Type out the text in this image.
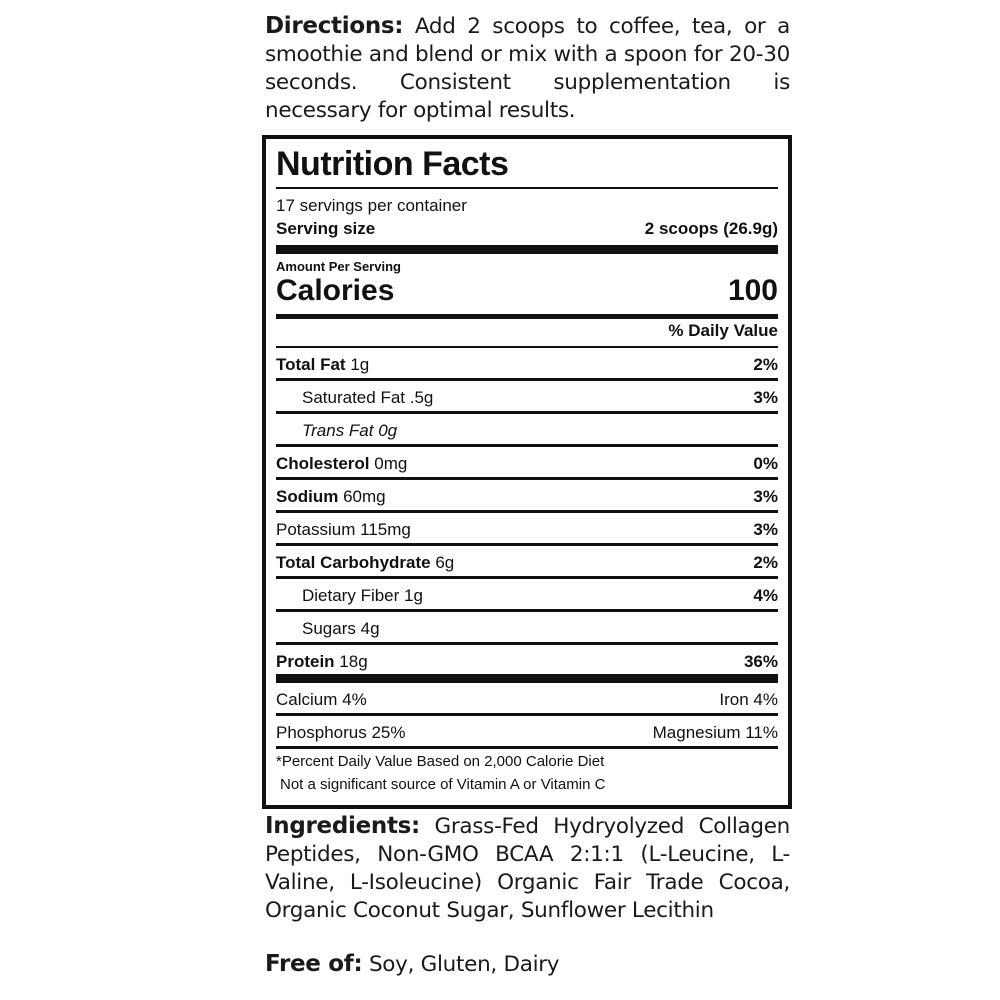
Directions: Add 2 scoops to coffee, tea, or a smoothie and blend or mix with a spoon for 20-30 seconds. Consistent supplementation is necessary for optimal results.
Nutrition Facts
17 servings per container
Serving size	2 scoops (26.9g)
Amount Per Serving
Calories	100
% Daily Value
Total Fat 1g	2%
Saturated Fat .5g	3%
Trans Fat 0g
Cholesterol 0mg	0%
Sodium 60mg	3%
Potassium 115mg	3%
Total Carbohydrate 6g	2%
Dietary Fiber 1g	4%
Sugars 4g
Protein 18g	36%
Calcium 4%	Iron 4%
Phosphorus 25%	Magnesium 11%
*Percent Daily Value Based on 2,000 Calorie Diet
Not a significant source of Vitamin A or Vitamin C
Ingredients: Grass-Fed Hydryolyzed Collagen Peptides, Non-GMO BCAA 2:1:1 (L-Leucine, L-Valine, L-Isoleucine) Organic Fair Trade Cocoa, Organic Coconut Sugar, Sunflower Lecithin
Free of: Soy, Gluten, Dairy
